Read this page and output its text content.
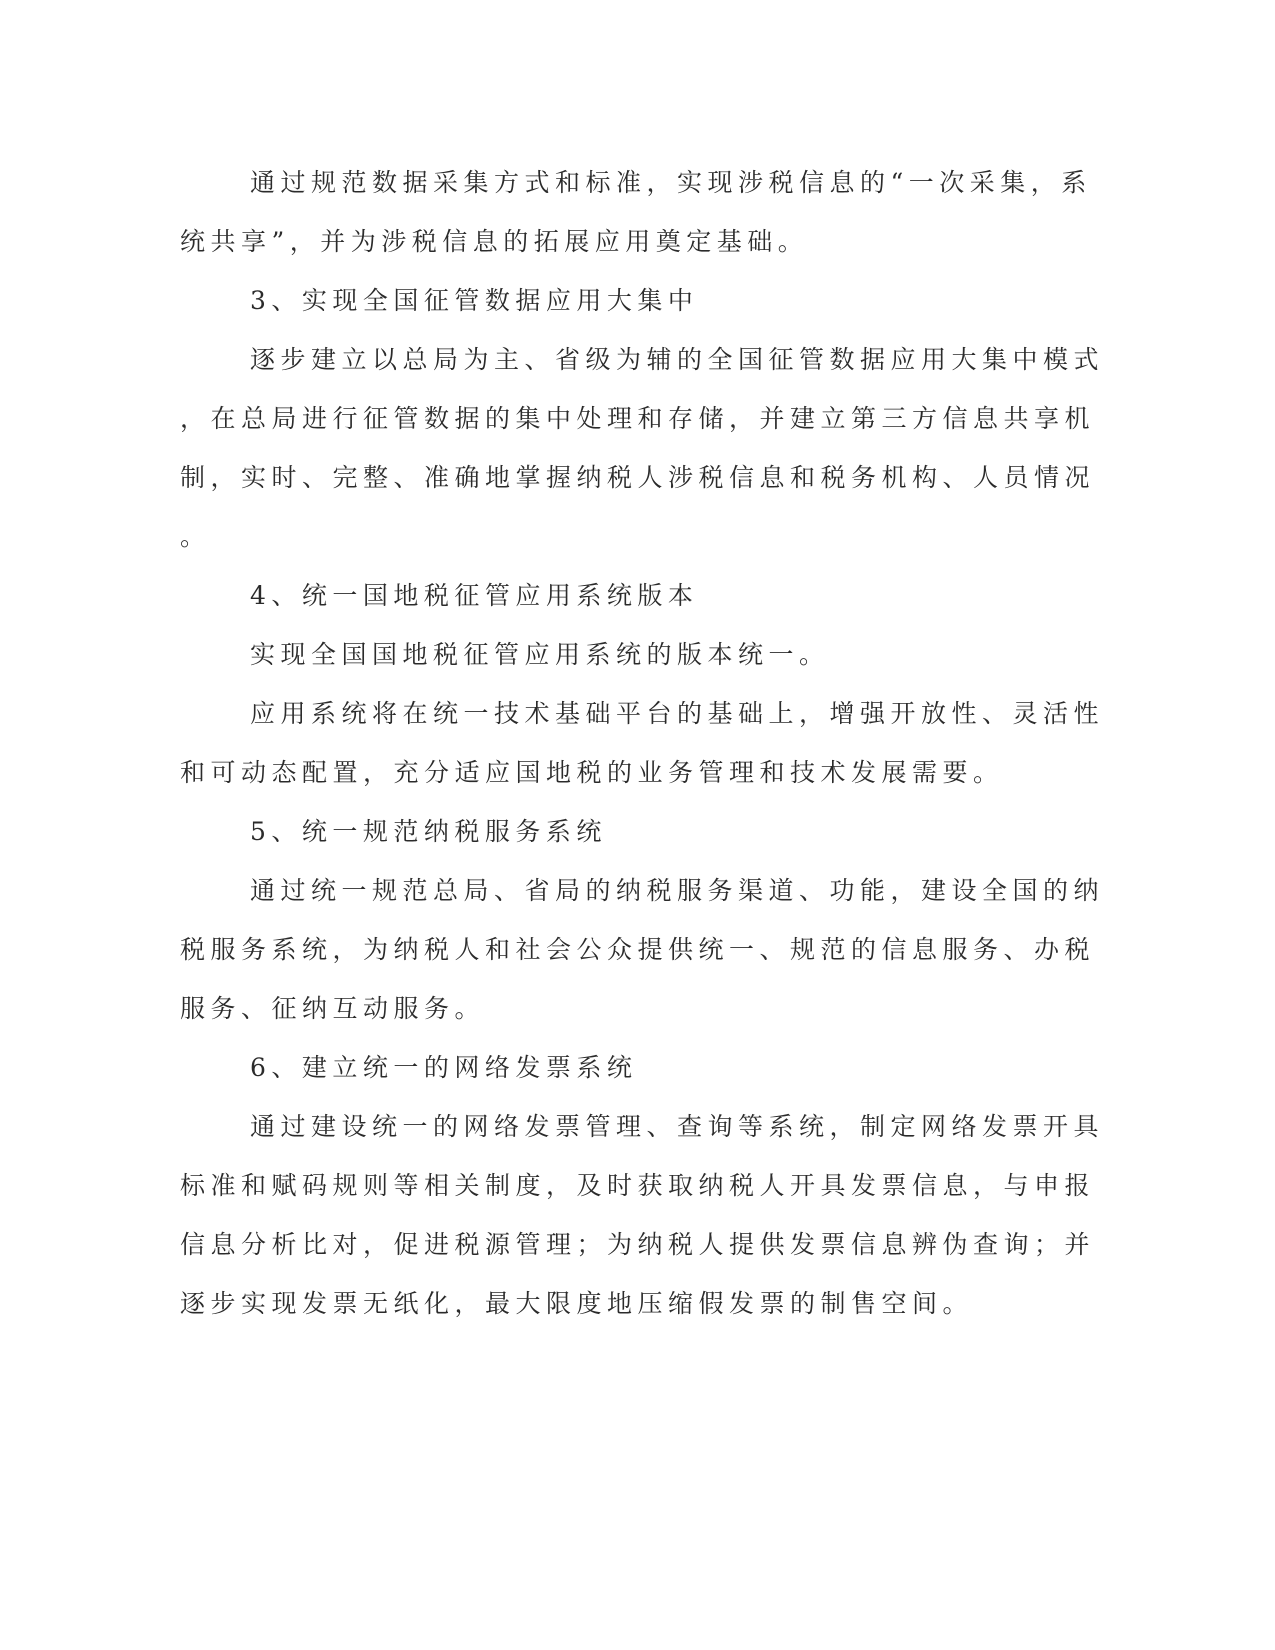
通过规范数据采集方式和标准，实现涉税信息的“一次采集，系
统共享”，并为涉税信息的拓展应用奠定基础。
3、实现全国征管数据应用大集中
逐步建立以总局为主、省级为辅的全国征管数据应用大集中模式
，在总局进行征管数据的集中处理和存储，并建立第三方信息共享机
制，实时、完整、准确地掌握纳税人涉税信息和税务机构、人员情况
。
4、统一国地税征管应用系统版本
实现全国国地税征管应用系统的版本统一。
应用系统将在统一技术基础平台的基础上，增强开放性、灵活性
和可动态配置，充分适应国地税的业务管理和技术发展需要。
5、统一规范纳税服务系统
通过统一规范总局、省局的纳税服务渠道、功能，建设全国的纳
税服务系统，为纳税人和社会公众提供统一、规范的信息服务、办税
服务、征纳互动服务。
6、建立统一的网络发票系统
通过建设统一的网络发票管理、查询等系统，制定网络发票开具
标准和赋码规则等相关制度，及时获取纳税人开具发票信息，与申报
信息分析比对，促进税源管理；为纳税人提供发票信息辨伪查询；并
逐步实现发票无纸化，最大限度地压缩假发票的制售空间。
